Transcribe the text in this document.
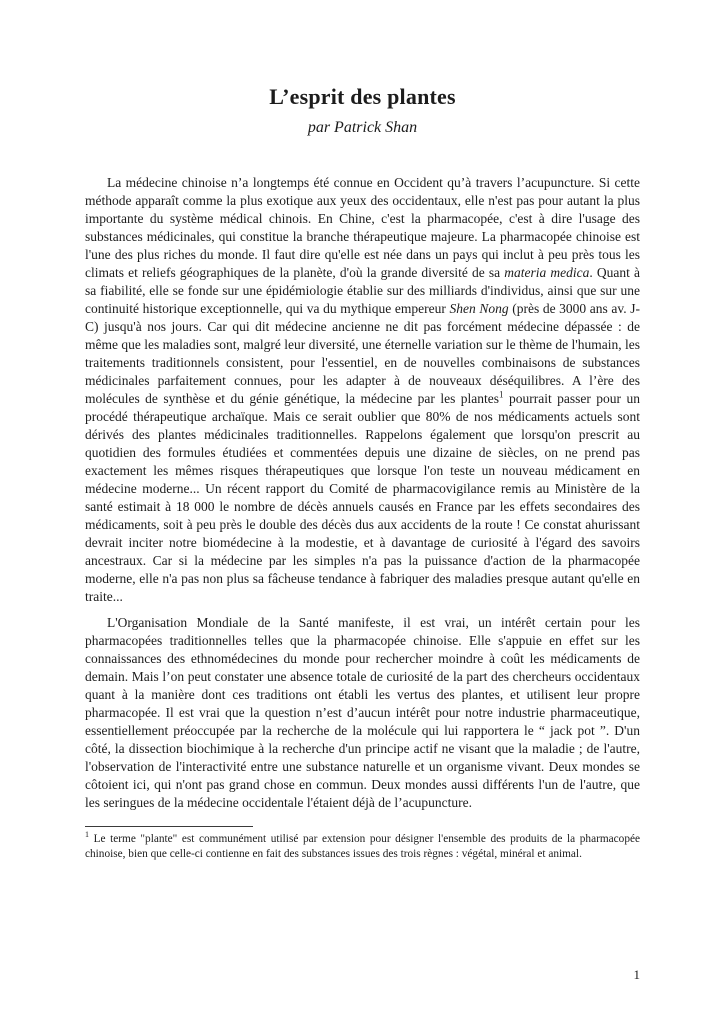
L’esprit des plantes

par Patrick Shan

La médecine chinoise n’a longtemps été connue en Occident qu’à travers l’acupuncture. Si cette méthode apparaît comme la plus exotique aux yeux des occidentaux, elle n'est pas pour autant la plus importante du système médical chinois. En Chine, c'est la pharmacopée, c'est à dire l'usage des substances médicinales, qui constitue la branche thérapeutique majeure. La pharmacopée chinoise est l'une des plus riches du monde. Il faut dire qu'elle est née dans un pays qui inclut à peu près tous les climats et reliefs géographiques de la planète, d'où la grande diversité de sa materia medica. Quant à sa fiabilité, elle se fonde sur une épidémiologie établie sur des milliards d'individus, ainsi que sur une continuité historique exceptionnelle, qui va du mythique empereur Shen Nong (près de 3000 ans av. J-C) jusqu'à nos jours. Car qui dit médecine ancienne ne dit pas forcément médecine dépassée : de même que les maladies sont, malgré leur diversité, une éternelle variation sur le thème de l'humain, les traitements traditionnels consistent, pour l'essentiel, en de nouvelles combinaisons de substances médicinales parfaitement connues, pour les adapter à de nouveaux déséquilibres. A l’ère des molécules de synthèse et du génie génétique, la médecine par les plantes$^1$ pourrait passer pour un procédé thérapeutique archaïque. Mais ce serait oublier que 80% de nos médicaments actuels sont dérivés des plantes médicinales traditionnelles. Rappelons également que lorsqu'on prescrit au quotidien des formules étudiées et commentées depuis une dizaine de siècles, on ne prend pas exactement les mêmes risques thérapeutiques que lorsque l'on teste un nouveau médicament en médecine moderne... Un récent rapport du Comité de pharmacovigilance remis au Ministère de la santé estimait à 18 000 le nombre de décès annuels causés en France par les effets secondaires des médicaments, soit à peu près le double des décès dus aux accidents de la route ! Ce constat ahurissant devrait inciter notre biomédecine à la modestie, et à davantage de curiosité à l'égard des savoirs ancestraux. Car si la médecine par les simples n'a pas la puissance d'action de la pharmacopée moderne, elle n'a pas non plus sa fâcheuse tendance à fabriquer des maladies presque autant qu'elle en traite...

L'Organisation Mondiale de la Santé manifeste, il est vrai, un intérêt certain pour les pharmacopées traditionnelles telles que la pharmacopée chinoise. Elle s'appuie en effet sur les connaissances des ethnomédecines du monde pour rechercher moindre à coût les médicaments de demain. Mais l’on peut constater une absence totale de curiosité de la part des chercheurs occidentaux quant à la manière dont ces traditions ont établi les vertus des plantes, et utilisent leur propre pharmacopée. Il est vrai que la question n’est d’aucun intérêt pour notre industrie pharmaceutique, essentiellement préoccupée par la recherche de la molécule qui lui rapportera le “ jack pot ”. D'un côté, la dissection biochimique à la recherche d'un principe actif ne visant que la maladie ; de l'autre, l'observation de l'interactivité entre une substance naturelle et un organisme vivant. Deux mondes se côtoient ici, qui n'ont pas grand chose en commun. Deux mondes aussi différents l'un de l'autre, que les seringues de la médecine occidentale l'étaient déjà de l’acupuncture.

$^1$ Le terme "plante" est communément utilisé par extension pour désigner l'ensemble des produits de la pharmacopée chinoise, bien que celle-ci contienne en fait des substances issues des trois règnes : végétal, minéral et animal.

1
